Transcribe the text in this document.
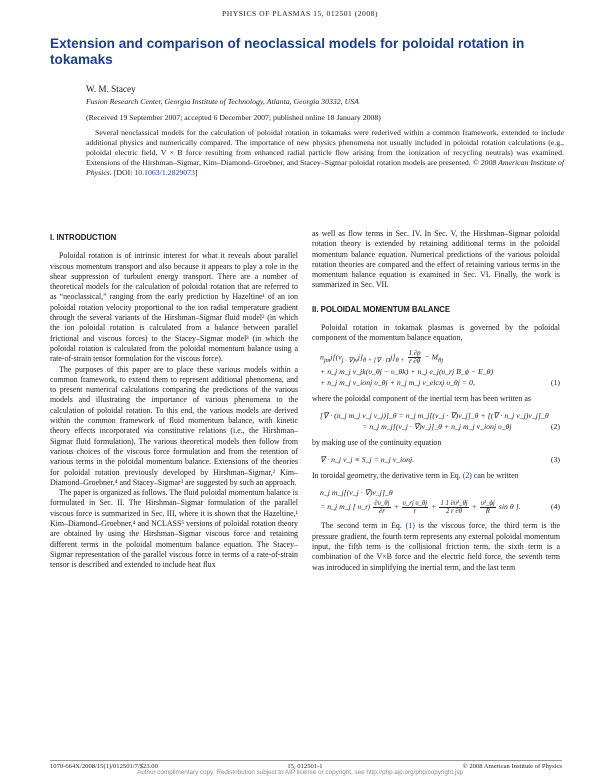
PHYSICS OF PLASMAS 15, 012501 (2008)
Extension and comparison of neoclassical models for poloidal rotation in tokamaks
W. M. Stacey
Fusion Research Center, Georgia Institute of Technology, Atlanta, Georgia 30332, USA
(Received 19 September 2007; accepted 6 December 2007; published online 18 January 2008)
Several neoclassical models for the calculation of poloidal rotation in tokamaks were rederived within a common framework, extended to include additional physics and numerically compared. The importance of new physics phenomena not usually included in poloidal rotation calculations (e.g., poloidal electric field, V × B force resulting from enhanced radial particle flow arising from the ionization of recycling neutrals) was examined. Extensions of the Hirshman–Sigmar, Kim–Diamond–Groebner, and Stacey–Sigmar poloidal rotation models are presented. © 2008 American Institute of Physics. [DOI: 10.1063/1.2829073]
I. INTRODUCTION

Poloidal rotation is of intrinsic interest for what it reveals about parallel viscous momentum transport and also because it appears to play a role in the shear suppression of turbulent energy transport. There are a number of theoretical models for the calculation of poloidal rotation that are referred to as “neoclassical,” ranging from the early prediction by Hazeltine¹ of an ion poloidal rotation velocity proportional to the ion radial temperature gradient through the several variants of the Hirshman–Sigmar fluid model² (in which the ion poloidal rotation is calculated from a balance between parallel frictional and viscous forces) to the Stacey–Sigmar model³ (in which the poloidal rotation is calculated from the poloidal momentum balance using a rate-of-strain tensor formulation for the viscous force).

The purposes of this paper are to place these various models within a common framework, to extend them to represent additional phenomena, and to present numerical calculations comparing the predictions of the various models and illustrating the importance of various phenomena to the calculation of poloidal rotation. To this end, the various models are derived within the common framework of fluid momentum balance, with kinetic theory effects incorporated via constitutive relations (i.e., the Hirshman–Sigmar fluid formulation). The various theoretical models then follow from various choices of the viscous force formulation and from the retention of various terms in the poloidal momentum balance. Extensions of the theories for poloidal rotation previously developed by Hirshman–Sigmar,² Kim–Diamond–Groebner,⁴ and Stacey–Sigmar³ are suggested by such an approach.

The paper is organized as follows. The fluid poloidal momentum balance is formulated in Sec. II. The Hirshman–Sigmar formulation of the parallel viscous force is summarized in Sec. III, where it is shown that the Hazeltine,¹ Kim–Diamond–Groebner,⁴ and NCLASS⁵ versions of poloidal rotation theory are obtained by using the Hirshman–Sigmar viscous force and retaining different terms in the poloidal momentum balance equation. The Stacey–Sigmar representation of the parallel viscous force in terms of a rate-of-strain tensor is described and extended to include heat flux

as well as flow terms in Sec. IV. In Sec. V, the Hirshman–Sigmar poloidal rotation theory is extended by retaining additional terms in the poloidal momentum balance equation. Numerical predictions of the various poloidal rotation theories are compared and the effect of retaining various terms in the momentum balance equation is examined in Sec. VI. Finally, the work is summarized in Sec. VII.

II. POLOIDAL MOMENTUM BALANCE

Poloidal rotation in tokamak plasmas is governed by the poloidal component of the momentum balance equation,

$n_{jm}j[(v_{j \cdot \nabla)v}j]_{\theta + [\nabla \cdot \Pi}j]_{\theta +} \frac{1 \partial p}{r \partial\theta} - M_{\theta j}$
+ n_j m_j ν_jk(υ_θj − υ_θk) + n_j e_j(υ_rj B_ϕ − E_θ)
+ n_j m_j ν_ionj υ_θj + n_j m_j ν_elcxj υ_θj = 0,	(1)

where the poloidal component of the inertial term has been written as

[∇ · (n_j m_j v_j v_j)]_θ = n_j m_j[(v_j · ∇)v_j]_θ + [(∇ · n_j v_j)v_j]_θ
= n_j m_j[(v_j · ∇)v_j]_θ + n_j m_j ν_ionj υ_θj	(2)

by making use of the continuity equation

∇ · n_j v_j ≡ S_j = n_j ν_ionj.	(3)

In toroidal geometry, the derivative term in Eq. (2) can be written

n_j m_j[(v_j · ∇)v_j]_θ
= n_j m_j [ υ_rj $\frac{\partial\upsilon\_\theta j}{\partial r} + \frac{\text{υ\_rj υ\_θj}}{r} + \frac{\text{1 1 ∂υ²\_θj}}{2 r \partial\theta} + \frac{\text{υ²\_ϕj}}{R}$ sin θ ].	(4)

The second term in Eq. (1) is the viscous force, the third term is the pressure gradient, the fourth term represents any external poloidal momentum input, the fifth term is the collisional friction term, the sixth term is a combination of the V×B force and the electric field force, the seventh term was introduced in simplifying the inertial term, and the last term

1070-664X/2008/15(1)/012501/7/$23.00	15, 012501-1	© 2008 American Institute of Physics
Author complimentary copy. Redistribution subject to AIP license or copyright, see http://php.aip.org/php/copyright.jsp
